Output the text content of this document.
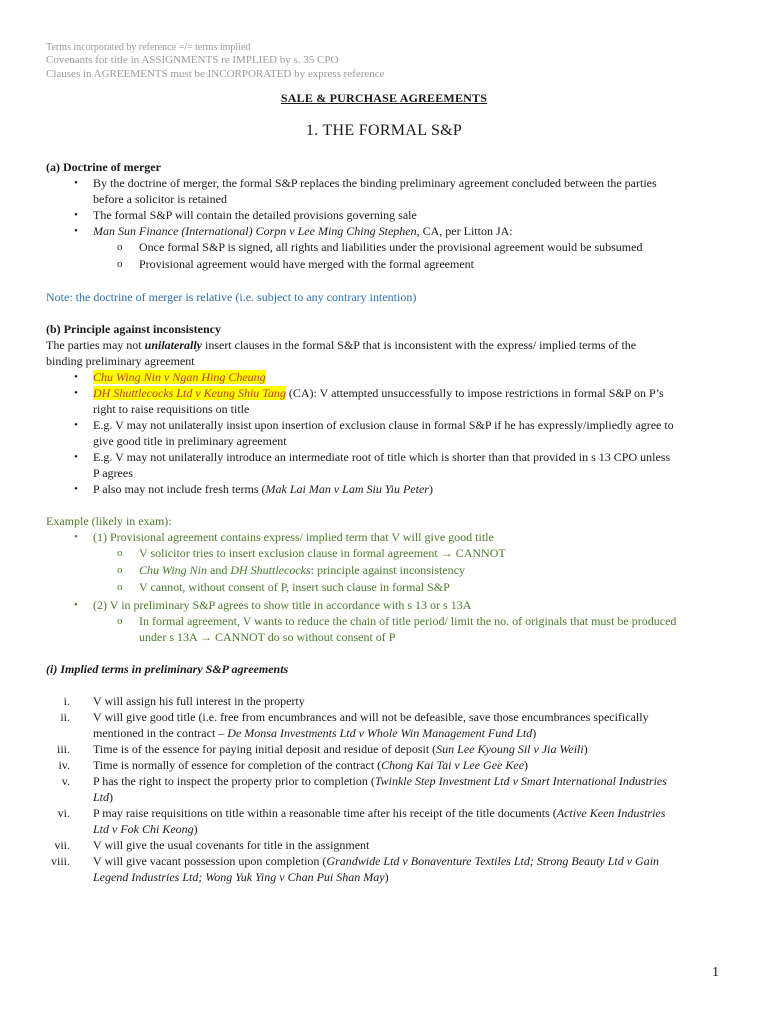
Terms incorporated by reference =/= terms implied
Covenants for title in ASSIGNMENTS re IMPLIED by s. 35 CPO
Clauses in AGREEMENTS must be INCORPORATED by express reference
SALE & PURCHASE AGREEMENTS
1. THE FORMAL S&P
(a) Doctrine of merger
• By the doctrine of merger, the formal S&P replaces the binding preliminary agreement concluded between the parties
before a solicitor is retained
• The formal S&P will contain the detailed provisions governing sale
• Man Sun Finance (International) Corpn v Lee Ming Ching Stephen, CA, per Litton JA:
o Once formal S&P is signed, all rights and liabilities under the provisional agreement would be subsumed
o Provisional agreement would have merged with the formal agreement
Note: the doctrine of merger is relative (i.e. subject to any contrary intention)
(b) Principle against inconsistency
The parties may not unilaterally insert clauses in the formal S&P that is inconsistent with the express/ implied terms of the
binding preliminary agreement
• Chu Wing Nin v Ngan Hing Cheung
• DH Shuttlecocks Ltd v Keung Shiu Tang (CA): V attempted unsuccessfully to impose restrictions in formal S&P on P’s
right to raise requisitions on title
• E.g. V may not unilaterally insist upon insertion of exclusion clause in formal S&P if he has expressly/impliedly agree to
give good title in preliminary agreement
• E.g. V may not unilaterally introduce an intermediate root of title which is shorter than that provided in s 13 CPO unless
P agrees
• P also may not include fresh terms (Mak Lai Man v Lam Siu Yiu Peter)
Example (likely in exam):
• (1) Provisional agreement contains express/ implied term that V will give good title
o V solicitor tries to insert exclusion clause in formal agreement → CANNOT
o Chu Wing Nin and DH Shuttlecocks: principle against inconsistency
o V cannot, without consent of P, insert such clause in formal S&P
• (2) V in preliminary S&P agrees to show title in accordance with s 13 or s 13A
o In formal agreement, V wants to reduce the chain of title period/ limit the no. of originals that must be produced
under s 13A → CANNOT do so without consent of P
(i) Implied terms in preliminary S&P agreements
i. V will assign his full interest in the property
ii. V will give good title (i.e. free from encumbrances and will not be defeasible, save those encumbrances specifically
mentioned in the contract – De Monsa Investments Ltd v Whole Win Management Fund Ltd)
iii. Time is of the essence for paying initial deposit and residue of deposit (Sun Lee Kyoung Sil v Jia Weili)
iv. Time is normally of essence for completion of the contract (Chong Kai Tai v Lee Gee Kee)
v. P has the right to inspect the property prior to completion (Twinkle Step Investment Ltd v Smart International Industries
Ltd)
vi. P may raise requisitions on title within a reasonable time after his receipt of the title documents (Active Keen Industries
Ltd v Fok Chi Keong)
vii. V will give the usual covenants for title in the assignment
viii. V will give vacant possession upon completion (Grandwide Ltd v Bonaventure Textiles Ltd; Strong Beauty Ltd v Gain
Legend Industries Ltd; Wong Yuk Ying v Chan Pui Shan May)
1
